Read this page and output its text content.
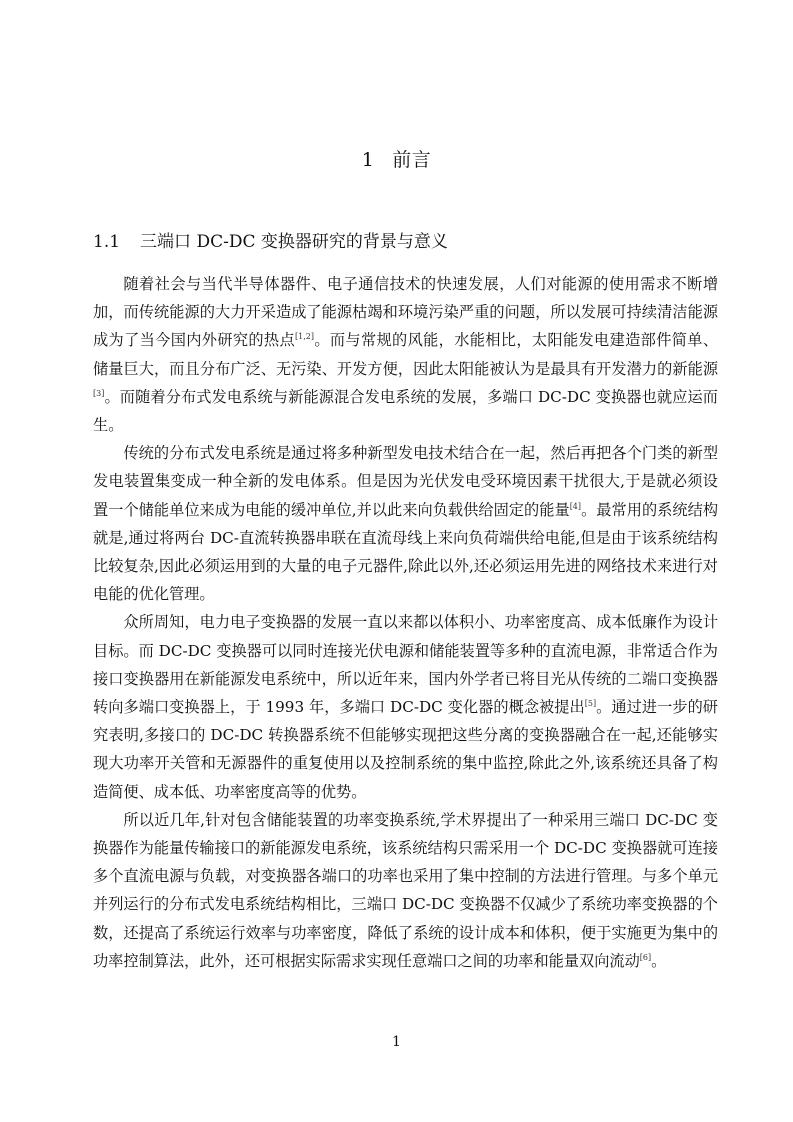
1 前言
1.1 三端口 DC-DC 变换器研究的背景与意义

随着社会与当代半导体器件、电子通信技术的快速发展，人们对能源的使用需求不断增加，而传统能源的大力开采造成了能源枯竭和环境污染严重的问题，所以发展可持续清洁能源成为了当今国内外研究的热点[1,2]。而与常规的风能，水能相比，太阳能发电建造部件简单、储量巨大，而且分布广泛、无污染、开发方便，因此太阳能被认为是最具有开发潜力的新能源[3]。而随着分布式发电系统与新能源混合发电系统的发展，多端口 DC-DC 变换器也就应运而生。

传统的分布式发电系统是通过将多种新型发电技术结合在一起，然后再把各个门类的新型发电装置集变成一种全新的发电体系。但是因为光伏发电受环境因素干扰很大,于是就必须设置一个储能单位来成为电能的缓冲单位,并以此来向负载供给固定的能量[4]。最常用的系统结构就是,通过将两台 DC-直流转换器串联在直流母线上来向负荷端供给电能,但是由于该系统结构比较复杂,因此必须运用到的大量的电子元器件,除此以外,还必须运用先进的网络技术来进行对电能的优化管理。

众所周知，电力电子变换器的发展一直以来都以体积小、功率密度高、成本低廉作为设计目标。而 DC-DC 变换器可以同时连接光伏电源和储能装置等多种的直流电源，非常适合作为接口变换器用在新能源发电系统中，所以近年来，国内外学者已将目光从传统的二端口变换器转向多端口变换器上，于 1993 年，多端口 DC-DC 变化器的概念被提出[5]。通过进一步的研究表明,多接口的 DC-DC 转换器系统不但能够实现把这些分离的变换器融合在一起,还能够实现大功率开关管和无源器件的重复使用以及控制系统的集中监控,除此之外,该系统还具备了构造简便、成本低、功率密度高等的优势。

所以近几年,针对包含储能装置的功率变换系统,学术界提出了一种采用三端口 DC-DC 变换器作为能量传输接口的新能源发电系统，该系统结构只需采用一个 DC-DC 变换器就可连接多个直流电源与负载，对变换器各端口的功率也采用了集中控制的方法进行管理。与多个单元并列运行的分布式发电系统结构相比，三端口 DC-DC 变换器不仅减少了系统功率变换器的个数，还提高了系统运行效率与功率密度，降低了系统的设计成本和体积，便于实施更为集中的功率控制算法，此外，还可根据实际需求实现任意端口之间的功率和能量双向流动[6]。

1
